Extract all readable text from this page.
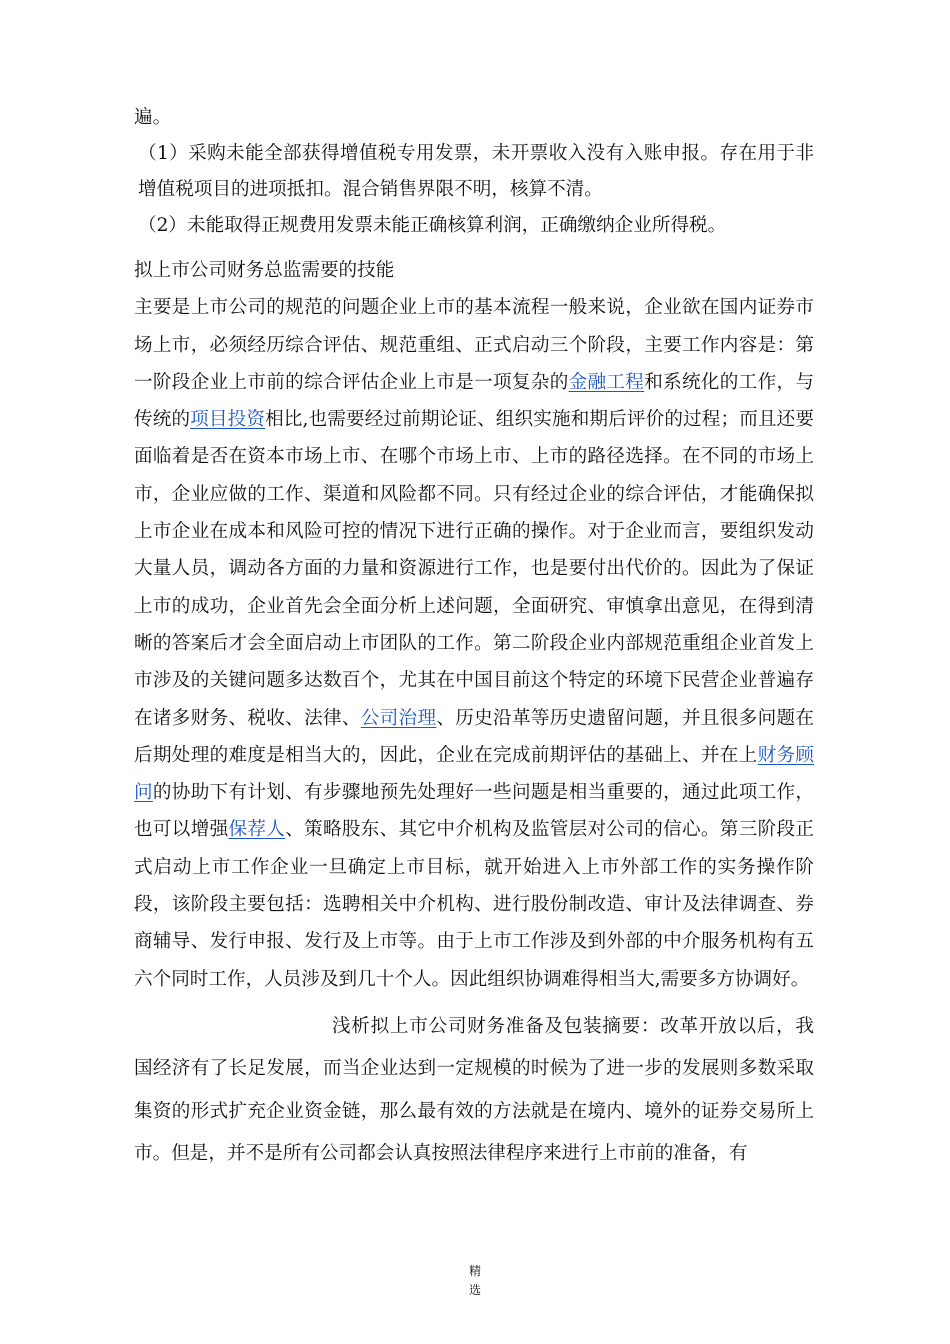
遍。
（1）采购未能全部获得增值税专用发票，未开票收入没有入账申报。存在用于非增值税项目的进项抵扣。混合销售界限不明，核算不清。
（2）未能取得正规费用发票未能正确核算利润，正确缴纳企业所得税。
拟上市公司财务总监需要的技能

主要是上市公司的规范的问题企业上市的基本流程一般来说，企业欲在国内证券市场上市，必须经历综合评估、规范重组、正式启动三个阶段，主要工作内容是：第一阶段企业上市前的综合评估企业上市是一项复杂的金融工程和系统化的工作，与传统的项目投资相比,也需要经过前期论证、组织实施和期后评价的过程；而且还要面临着是否在资本市场上市、在哪个市场上市、上市的路径选择。在不同的市场上市，企业应做的工作、渠道和风险都不同。只有经过企业的综合评估，才能确保拟上市企业在成本和风险可控的情况下进行正确的操作。对于企业而言，要组织发动大量人员，调动各方面的力量和资源进行工作，也是要付出代价的。因此为了保证上市的成功，企业首先会全面分析上述问题，全面研究、审慎拿出意见，在得到清晰的答案后才会全面启动上市团队的工作。第二阶段企业内部规范重组企业首发上市涉及的关键问题多达数百个，尤其在中国目前这个特定的环境下民营企业普遍存在诸多财务、税收、法律、公司治理、历史沿革等历史遗留问题，并且很多问题在后期处理的难度是相当大的，因此，企业在完成前期评估的基础上、并在上财务顾问的协助下有计划、有步骤地预先处理好一些问题是相当重要的，通过此项工作，也可以增强保荐人、策略股东、其它中介机构及监管层对公司的信心。第三阶段正式启动上市工作企业一旦确定上市目标，就开始进入上市外部工作的实务操作阶段，该阶段主要包括：选聘相关中介机构、进行股份制改造、审计及法律调查、券商辅导、发行申报、发行及上市等。由于上市工作涉及到外部的中介服务机构有五六个同时工作，人员涉及到几十个人。因此组织协调难得相当大,需要多方协调好。

浅析拟上市公司财务准备及包装摘要：改革开放以后，我国经济有了长足发展，而当企业达到一定规模的时候为了进一步的发展则多数采取集资的形式扩充企业资金链，那么最有效的方法就是在境内、境外的证券交易所上市。但是，并不是所有公司都会认真按照法律程序来进行上市前的准备，有

精
选
